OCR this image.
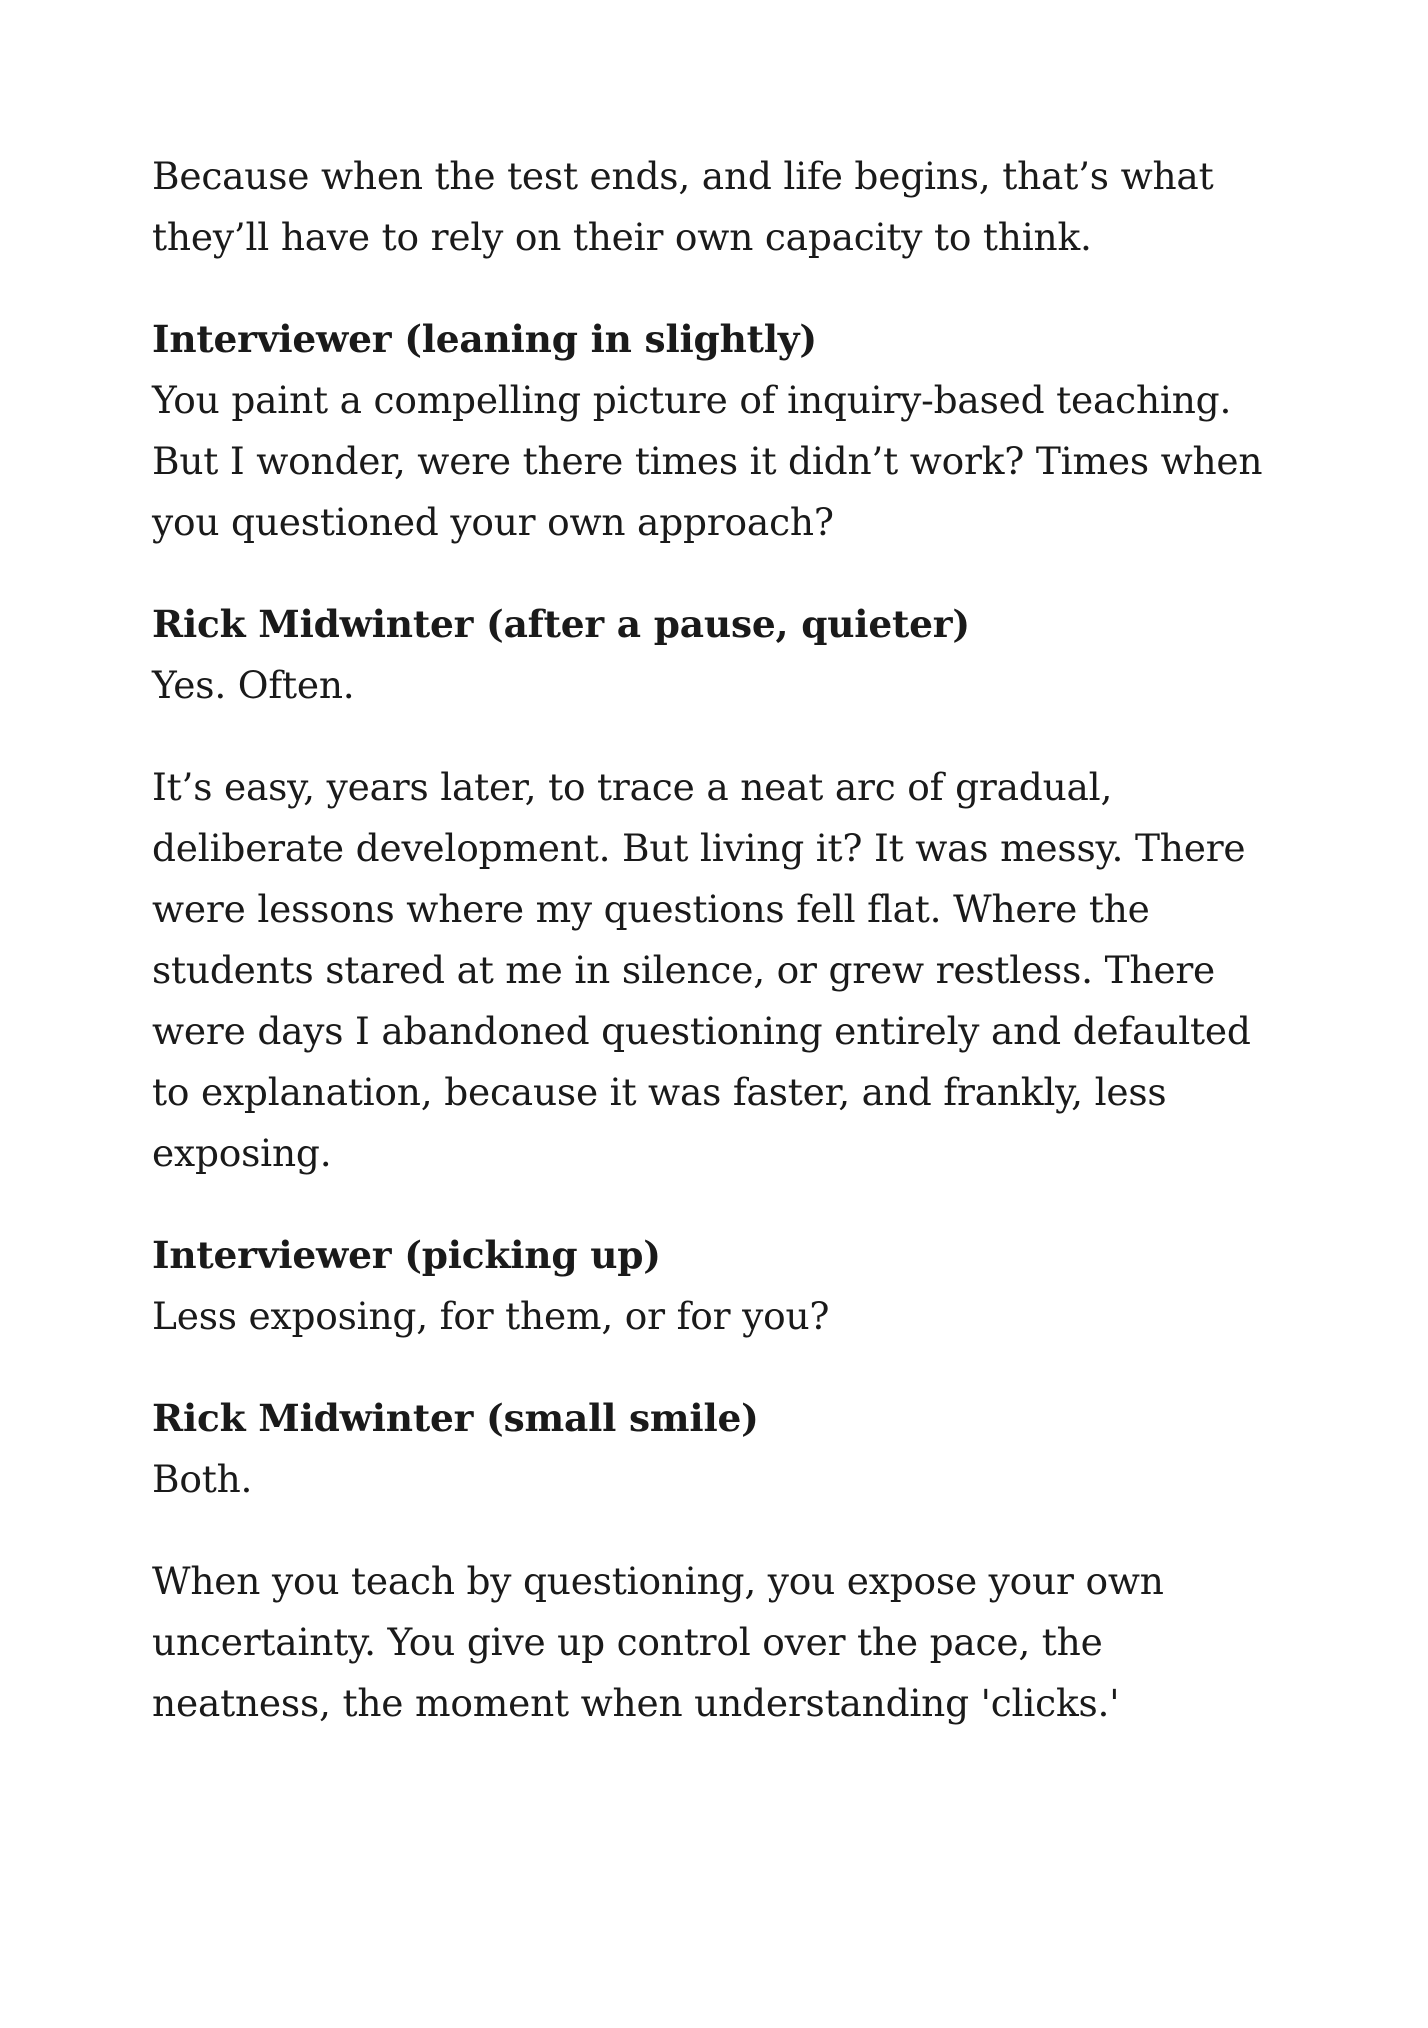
Because when the test ends, and life begins, that’s what
they’ll have to rely on their own capacity to think.

Interviewer (leaning in slightly)
You paint a compelling picture of inquiry-based teaching.
But I wonder, were there times it didn’t work? Times when
you questioned your own approach?
Rick Midwinter (after a pause, quieter)
Yes. Often.

It’s easy, years later, to trace a neat arc of gradual,
deliberate development. But living it? It was messy. There
were lessons where my questions fell flat. Where the
students stared at me in silence, or grew restless. There
were days I abandoned questioning entirely and defaulted
to explanation, because it was faster, and frankly, less
exposing.

Interviewer (picking up)
Less exposing, for them, or for you?
Rick Midwinter (small smile)
Both.

When you teach by questioning, you expose your own
uncertainty. You give up control over the pace, the
neatness, the moment when understanding 'clicks.'
